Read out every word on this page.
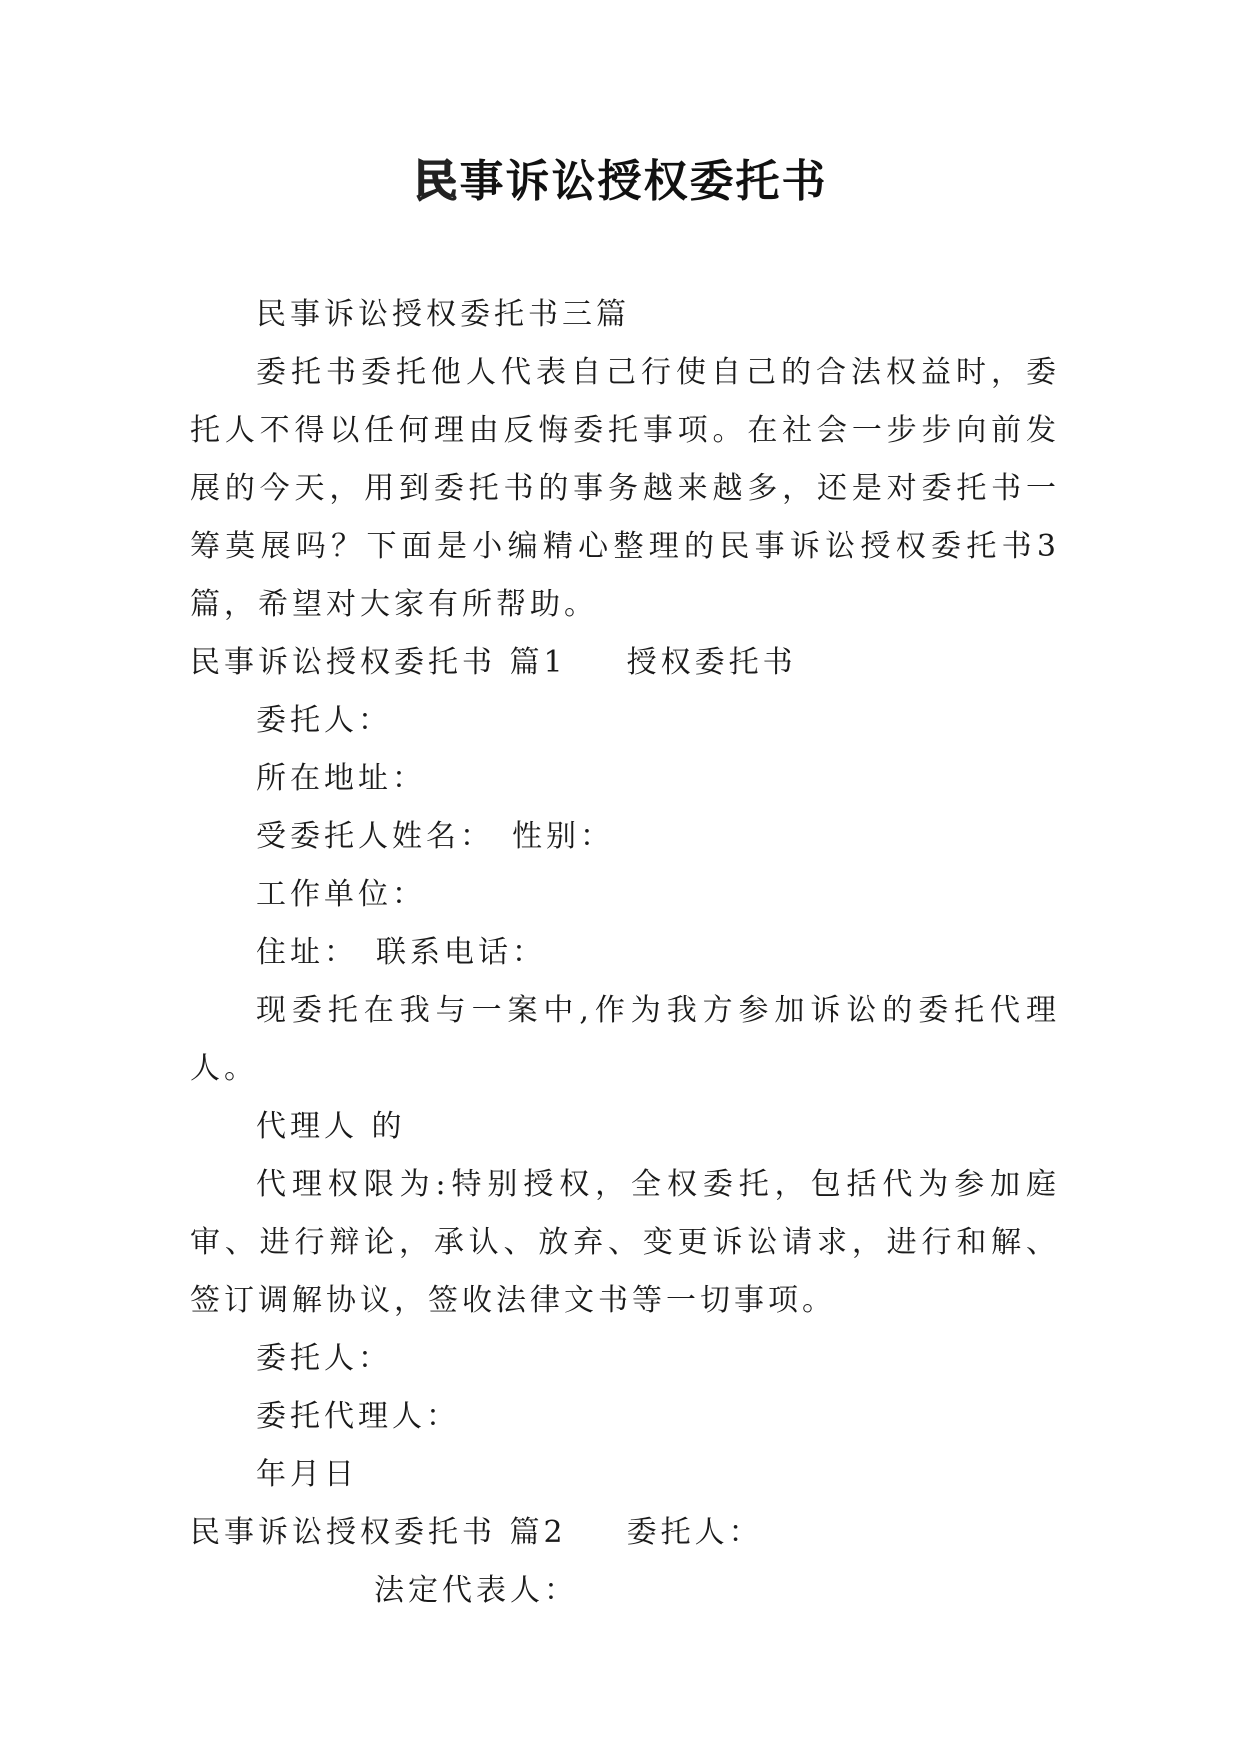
民事诉讼授权委托书

民事诉讼授权委托书三篇

委托书委托他人代表自己行使自己的合法权益时，委托人不得以任何理由反悔委托事项。在社会一步步向前发展的今天，用到委托书的事务越来越多，还是对委托书一筹莫展吗？下面是小编精心整理的民事诉讼授权委托书3篇，希望对大家有所帮助。

民事诉讼授权委托书 篇1 授权委托书

委托人：

所在地址：

受委托人姓名： 性别：

工作单位：

住址： 联系电话：

现委托在我与一案中,作为我方参加诉讼的委托代理人。

代理人 的

代理权限为:特别授权，全权委托，包括代为参加庭审、进行辩论，承认、放弃、变更诉讼请求，进行和解、签订调解协议，签收法律文书等一切事项。

委托人：

委托代理人：

年月日

民事诉讼授权委托书 篇2 委托人：

法定代表人：
